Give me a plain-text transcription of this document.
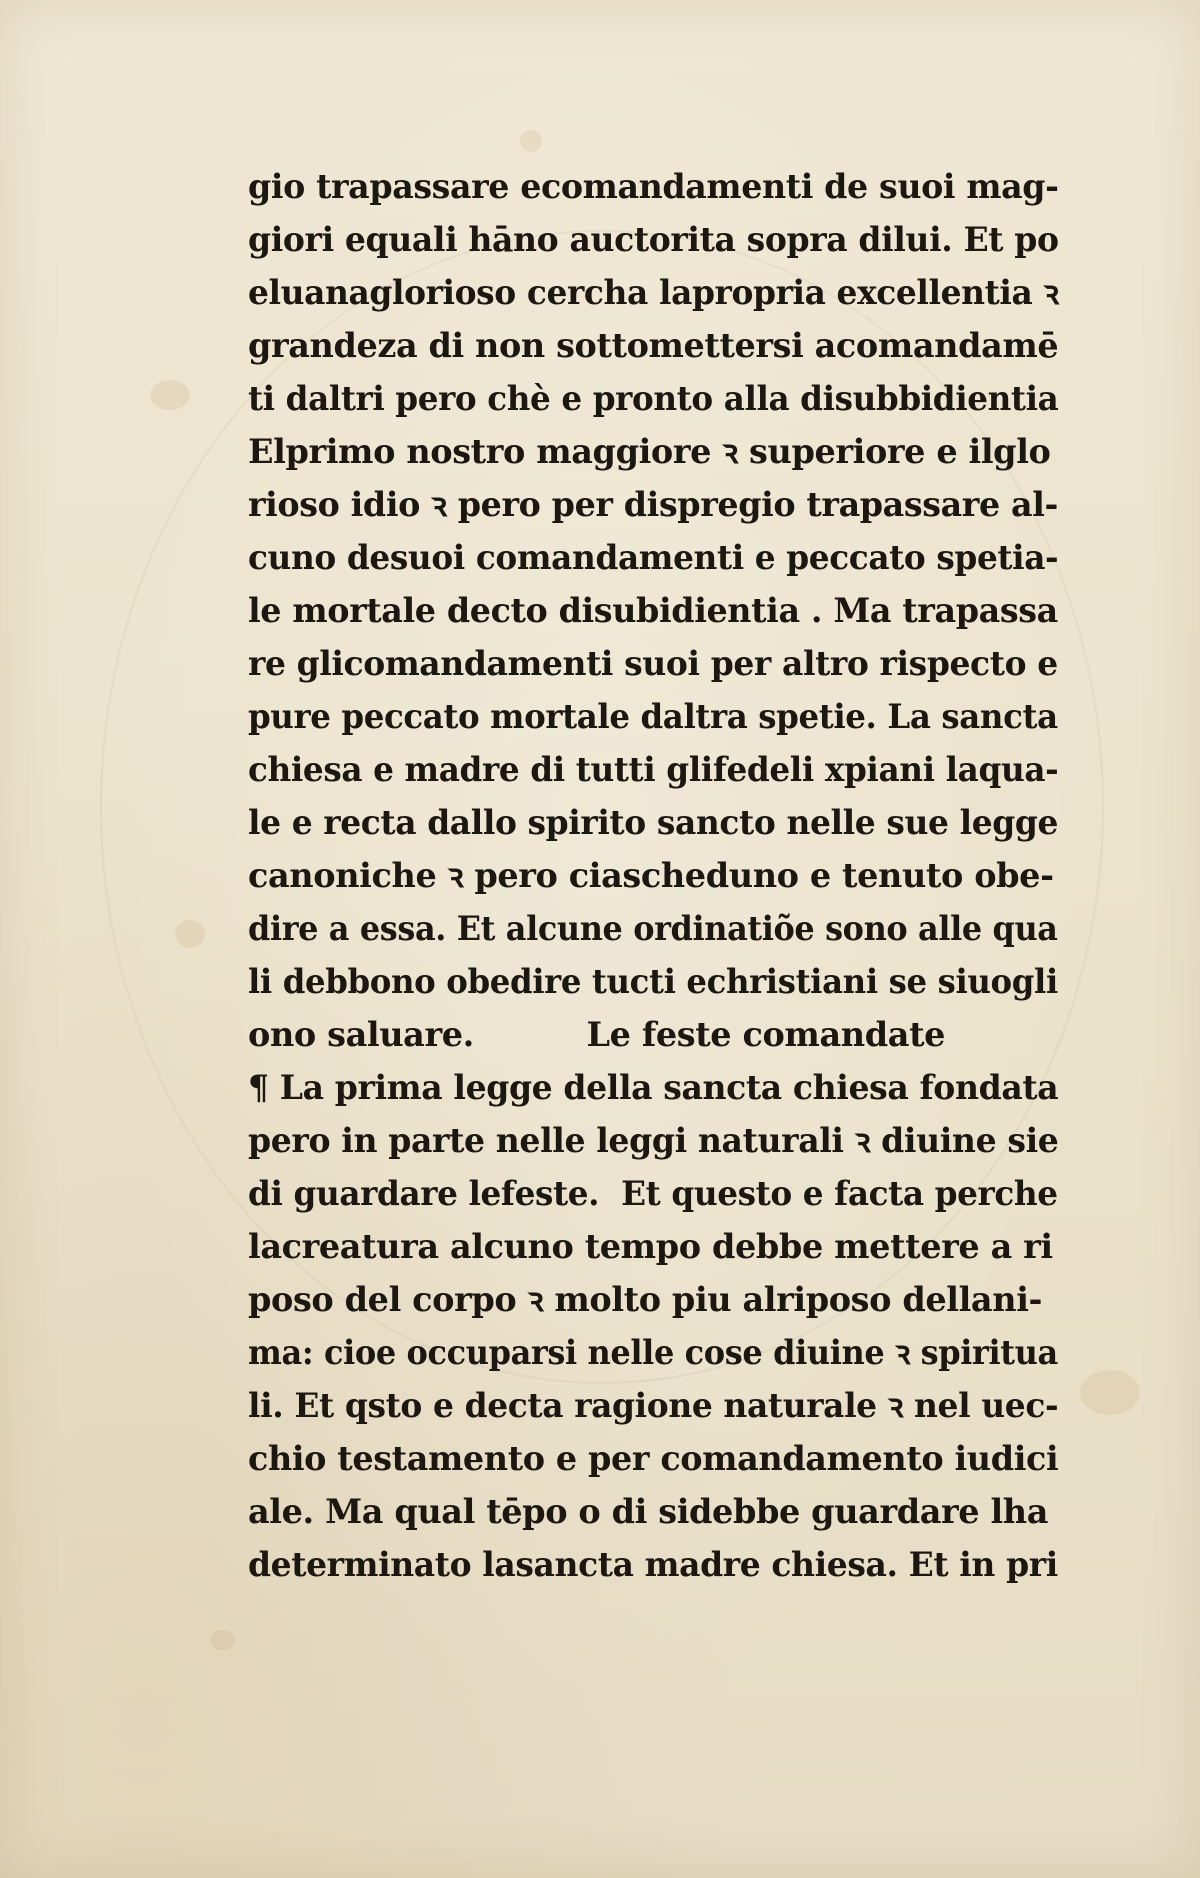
gio trapassare ecomandamenti de suoi mag-
giori equali hāno auctorita sopra dilui. Et po
eluanaglorioso cercha lapropria excellentia ꝛ
grandeza di non sottomettersi acomandamē
ti daltri pero chè e pronto alla disubbidientia
Elprimo nostro maggiore ꝛ superiore e ilglo
rioso idio ꝛ pero per dispregio trapassare al-
cuno desuoi comandamenti e peccato spetia-
le mortale decto disubidientia . Ma trapassa
re glicomandamenti suoi per altro rispecto e
pure peccato mortale daltra spetie. La sancta
chiesa e madre di tutti glifedeli xpiani laqua-
le e recta dallo spirito sancto nelle sue legge
canoniche ꝛ pero ciascheduno e tenuto obe-
dire a essa. Et alcune ordinatiõe sono alle qua
li debbono obedire tucti echristiani se siuogli
ono saluare.          Le feste comandate
¶ La prima legge della sancta chiesa fondata
pero in parte nelle leggi naturali ꝛ diuine sie
di guardare lefeste.  Et questo e facta perche
lacreatura alcuno tempo debbe mettere a ri
poso del corpo ꝛ molto piu alriposo dellani-
ma: cioe occuparsi nelle cose diuine ꝛ spiritua
li. Et qsto e decta ragione naturale ꝛ nel uec-
chio testamento e per comandamento iudici
ale. Ma qual tēpo o di sidebbe guardare lha
determinato lasancta madre chiesa. Et in pri
